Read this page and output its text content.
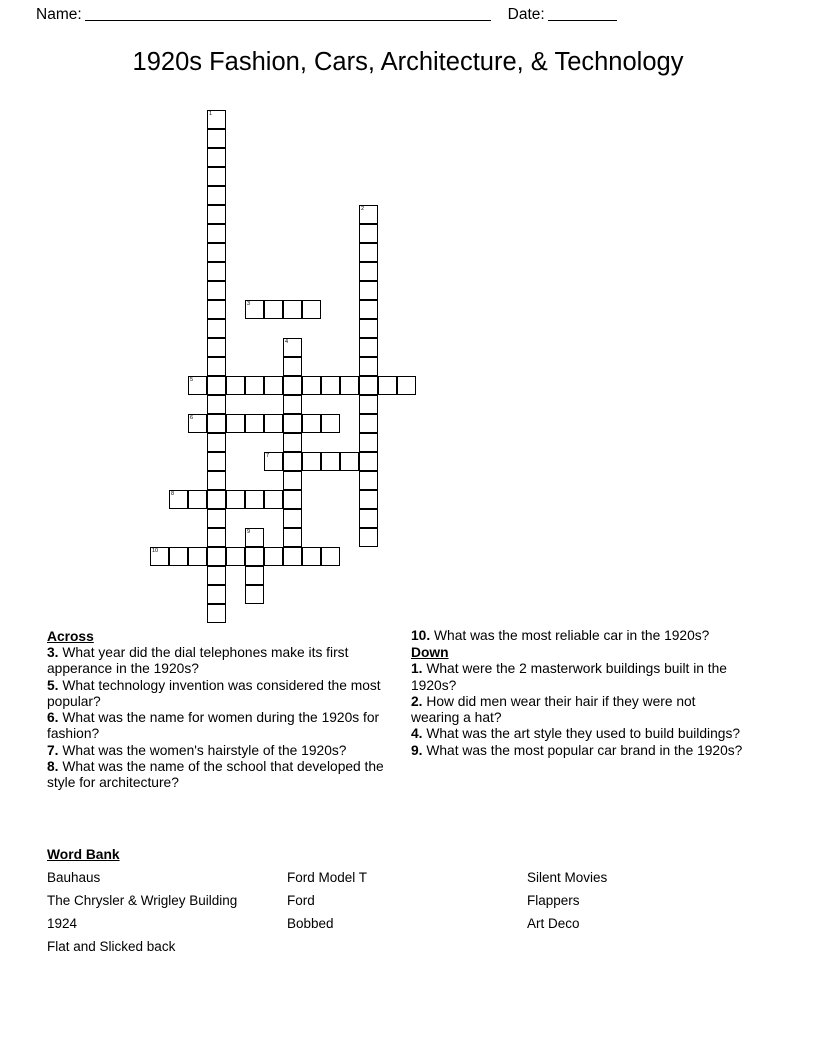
Name:	Date:
1920s Fashion, Cars, Architecture, & Technology
1
2
3
4
5
6
7
8
9
10
Across
3. What year did the dial telephones make its first apperance in the 1920s?
5. What technology invention was considered the most popular?
6. What was the name for women during the 1920s for fashion?
7. What was the women's hairstyle of the 1920s?
8. What was the name of the school that developed the style for architecture?
10. What was the most reliable car in the 1920s?
Down
1. What were the 2 masterwork buildings built in the 1920s?
2. How did men wear their hair if they were not wearing a hat?
4. What was the art style they used to build buildings?
9. What was the most popular car brand in the 1920s?
Word Bank
Bauhaus	Ford Model T	Silent Movies
The Chrysler & Wrigley Building	Ford	Flappers
1924	Bobbed	Art Deco
Flat and Slicked back
